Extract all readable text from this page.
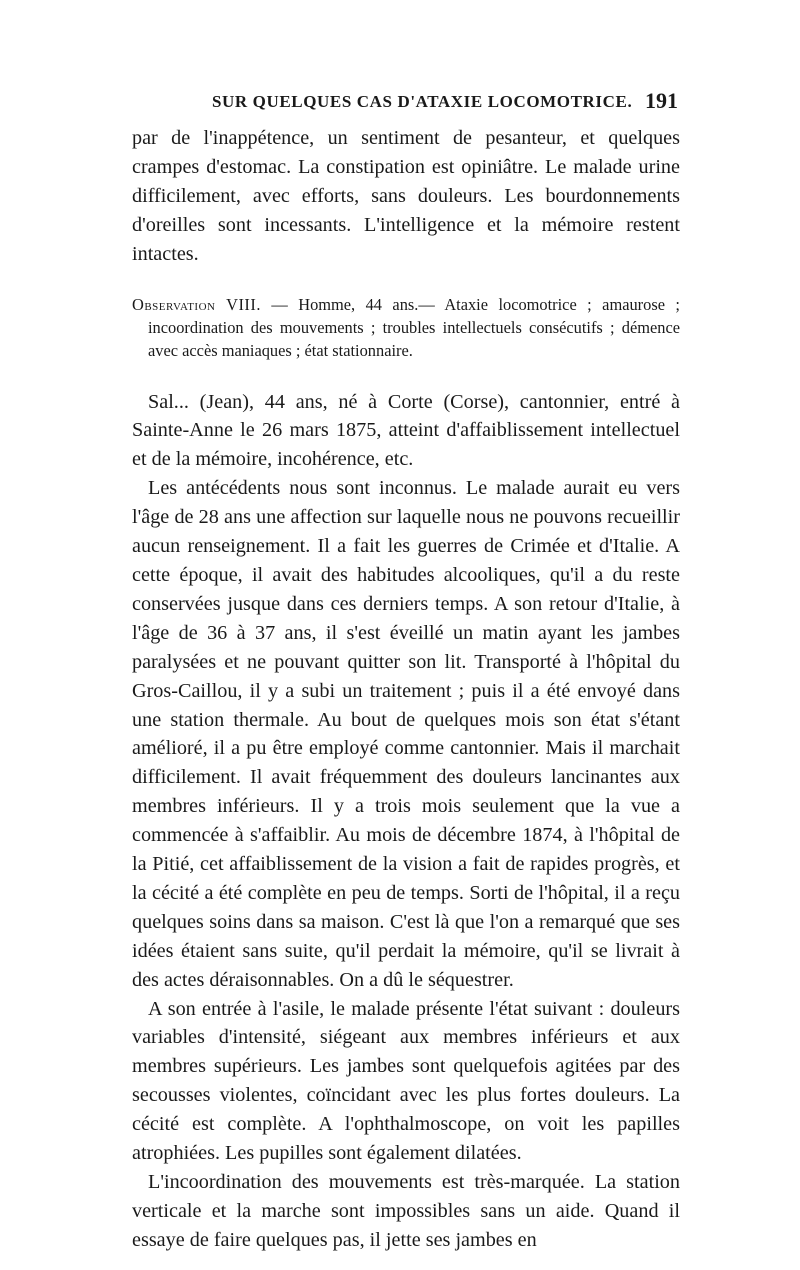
SUR QUELQUES CAS D'ATAXIE LOCOMOTRICE. 191

par de l'inappétence, un sentiment de pesanteur, et quelques crampes d'estomac. La constipation est opiniâtre. Le malade urine difficilement, avec efforts, sans douleurs. Les bourdonnements d'oreilles sont incessants. L'intelligence et la mémoire restent intactes.

Observation VIII. — Homme, 44 ans.— Ataxie locomotrice ; amaurose ; incoordination des mouvements ; troubles intellectuels consécutifs ; démence avec accès maniaques ; état stationnaire.

Sal... (Jean), 44 ans, né à Corte (Corse), cantonnier, entré à Sainte-Anne le 26 mars 1875, atteint d'affaiblissement intellectuel et de la mémoire, incohérence, etc.

Les antécédents nous sont inconnus. Le malade aurait eu vers l'âge de 28 ans une affection sur laquelle nous ne pouvons recueillir aucun renseignement. Il a fait les guerres de Crimée et d'Italie. A cette époque, il avait des habitudes alcooliques, qu'il a du reste conservées jusque dans ces derniers temps. A son retour d'Italie, à l'âge de 36 à 37 ans, il s'est éveillé un matin ayant les jambes paralysées et ne pouvant quitter son lit. Transporté à l'hôpital du Gros-Caillou, il y a subi un traitement ; puis il a été envoyé dans une station thermale. Au bout de quelques mois son état s'étant amélioré, il a pu être employé comme cantonnier. Mais il marchait difficilement. Il avait fréquemment des douleurs lancinantes aux membres inférieurs. Il y a trois mois seulement que la vue a commencée à s'affaiblir. Au mois de décembre 1874, à l'hôpital de la Pitié, cet affaiblissement de la vision a fait de rapides progrès, et la cécité a été complète en peu de temps. Sorti de l'hôpital, il a reçu quelques soins dans sa maison. C'est là que l'on a remarqué que ses idées étaient sans suite, qu'il perdait la mémoire, qu'il se livrait à des actes déraisonnables. On a dû le séquestrer.

A son entrée à l'asile, le malade présente l'état suivant : douleurs variables d'intensité, siégeant aux membres inférieurs et aux membres supérieurs. Les jambes sont quelquefois agitées par des secousses violentes, coïncidant avec les plus fortes douleurs. La cécité est complète. A l'ophthalmoscope, on voit les papilles atrophiées. Les pupilles sont également dilatées.

L'incoordination des mouvements est très-marquée. La station verticale et la marche sont impossibles sans un aide. Quand il essaye de faire quelques pas, il jette ses jambes en
